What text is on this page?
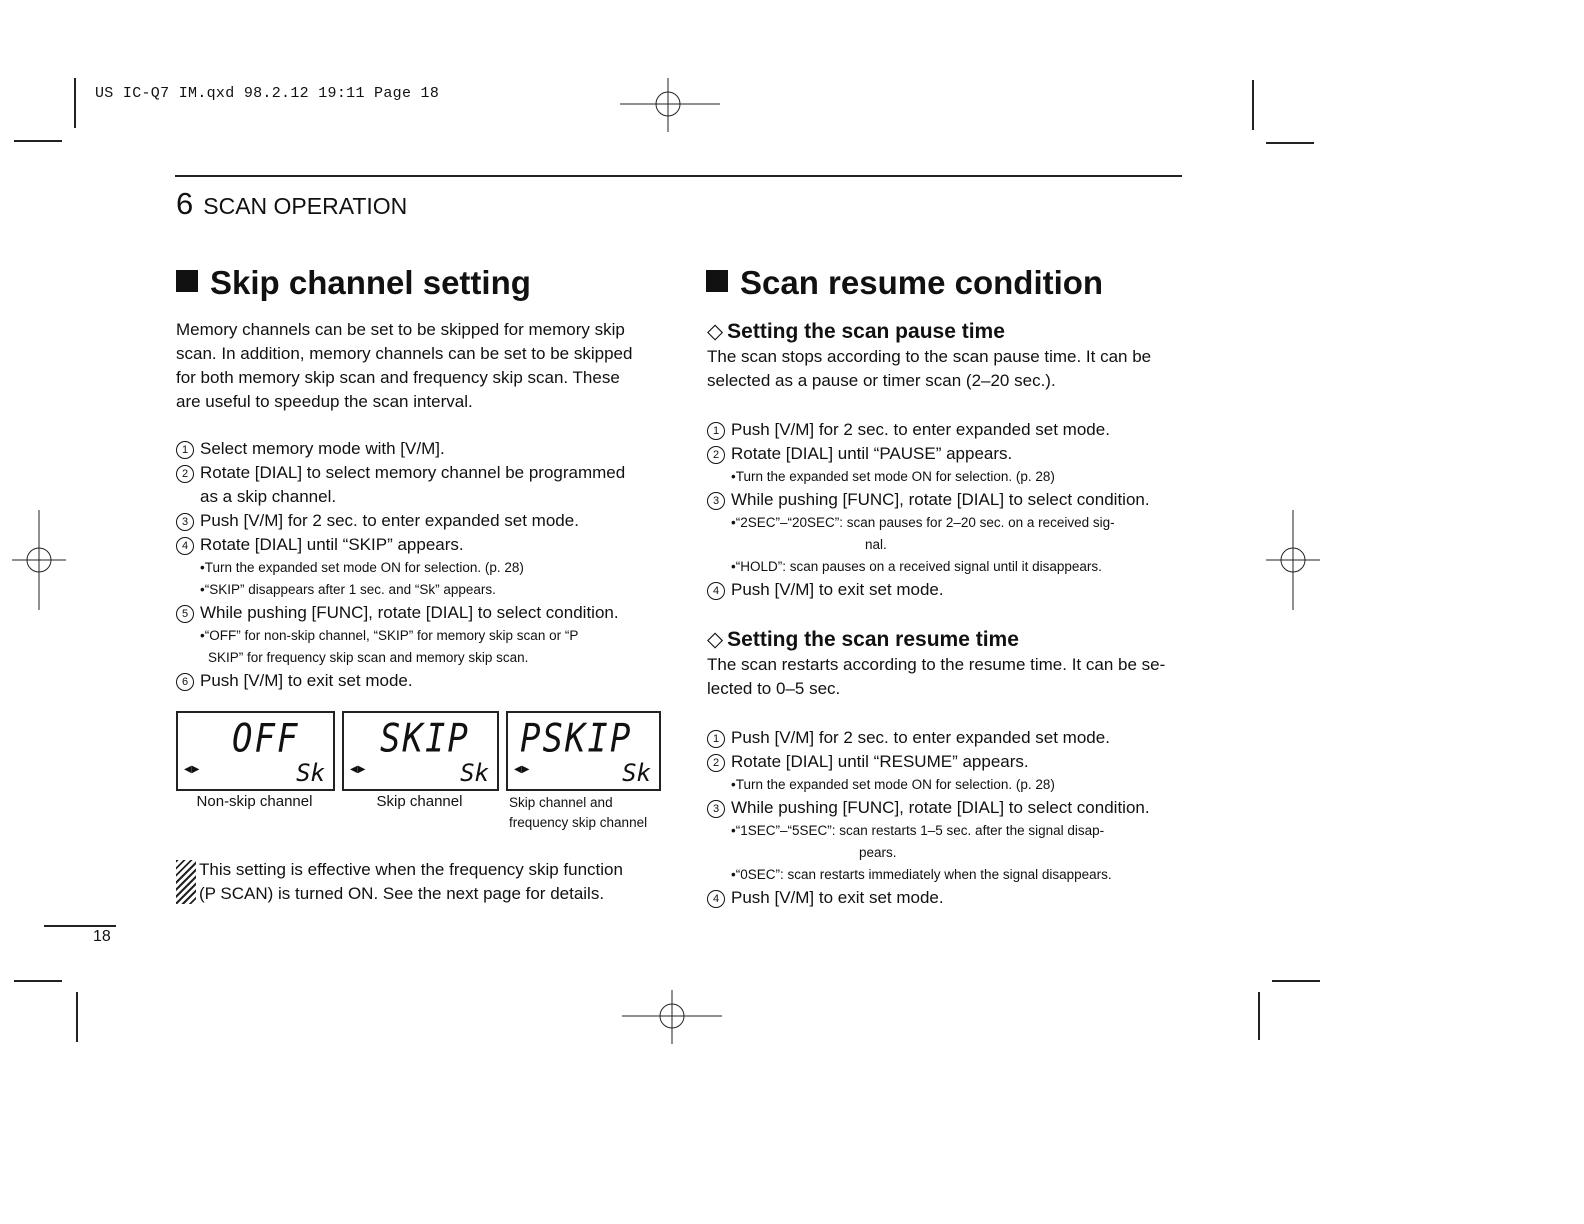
US IC-Q7 IM.qxd 98.2.12 19:11 Page 18
6 SCAN OPERATION
Skip channel setting
Memory channels can be set to be skipped for memory skip
scan. In addition, memory channels can be set to be skipped
for both memory skip scan and frequency skip scan. These
are useful to speedup the scan interval.
1 Select memory mode with [V/M].
2 Rotate [DIAL] to select memory channel be programmed
as a skip channel.
3 Push [V/M] for 2 sec. to enter expanded set mode.
4 Rotate [DIAL] until “SKIP” appears.
•Turn the expanded set mode ON for selection. (p. 28)
•“SKIP” disappears after 1 sec. and “Sk” appears.
5 While pushing [FUNC], rotate [DIAL] to select condition.
•“OFF” for non-skip channel, “SKIP” for memory skip scan or “P
SKIP” for frequency skip scan and memory skip scan.
6 Push [V/M] to exit set mode.
OFF
◀▶	Sk
SKIP
◀▶	Sk
PSKIP
◀▶	Sk
Non-skip channel	Skip channel	Skip channel and
frequency skip channel
This setting is effective when the frequency skip function
(P SCAN) is turned ON. See the next page for details.
Scan resume condition
◇ Setting the scan pause time
The scan stops according to the scan pause time. It can be
selected as a pause or timer scan (2–20 sec.).
1 Push [V/M] for 2 sec. to enter expanded set mode.
2 Rotate [DIAL] until “PAUSE” appears.
•Turn the expanded set mode ON for selection. (p. 28)
3 While pushing [FUNC], rotate [DIAL] to select condition.
•“2SEC”–“20SEC”: scan pauses for 2–20 sec. on a received sig-
nal.
•“HOLD”: scan pauses on a received signal until it disappears.
4 Push [V/M] to exit set mode.
◇ Setting the scan resume time
The scan restarts according to the resume time. It can be se-
lected to 0–5 sec.
1 Push [V/M] for 2 sec. to enter expanded set mode.
2 Rotate [DIAL] until “RESUME” appears.
•Turn the expanded set mode ON for selection. (p. 28)
3 While pushing [FUNC], rotate [DIAL] to select condition.
•“1SEC”–“5SEC”: scan restarts 1–5 sec. after the signal disap-
pears.
•“0SEC”: scan restarts immediately when the signal disappears.
4 Push [V/M] to exit set mode.
18
